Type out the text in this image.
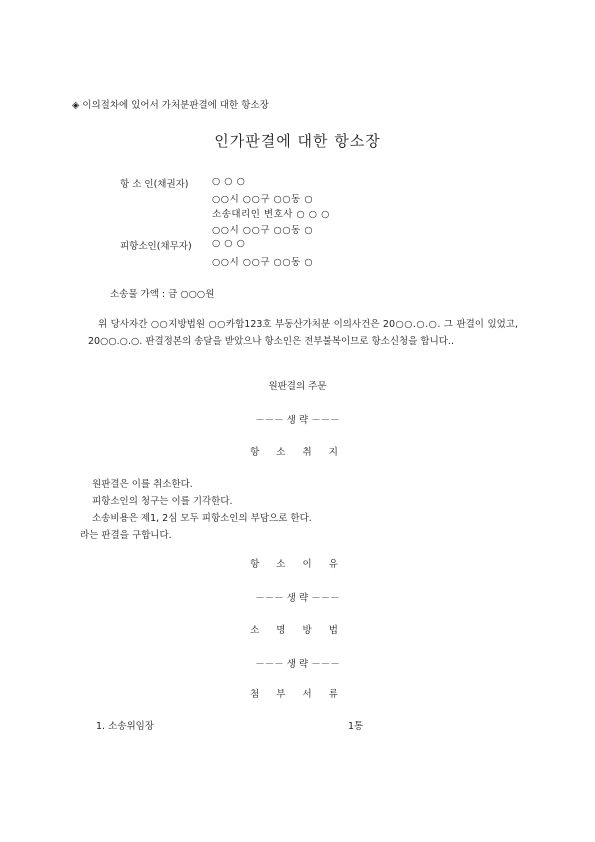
◈ 이의절차에 있어서 가처분판결에 대한 항소장
인가판결에 대한 항소장
항 소 인(채권자) ○ ○ ○
○○시 ○○구 ○○동 ○
소송대리인 변호사 ○ ○ ○
○○시 ○○구 ○○동 ○
피항소인(채무자) ○ ○ ○
○○시 ○○구 ○○동 ○
소송물 가액 : 금 ○○○원
위 당사자간 ○○지방법원 ○○카합123호 부동산가처분 이의사건은 20○○.○.○. 그 판결이 있었고, 20○○.○.○. 판결정본의 송달을 받았으나 항소인은 전부불복이므로 항소신청을 합니다..
원판결의 주문
－－－ 생 략 －－－
항 소 취 지
원판결은 이를 취소한다.
피항소인의 청구는 이를 기각한다.
소송비용은 제1, 2심 모두 피항소인의 부담으로 한다.
라는 판결을 구합니다.
항 소 이 유
－－－ 생 략 －－－
소 명 방 법
－－－ 생 략 －－－
첨 부 서 류
1. 소송위임장	1통
